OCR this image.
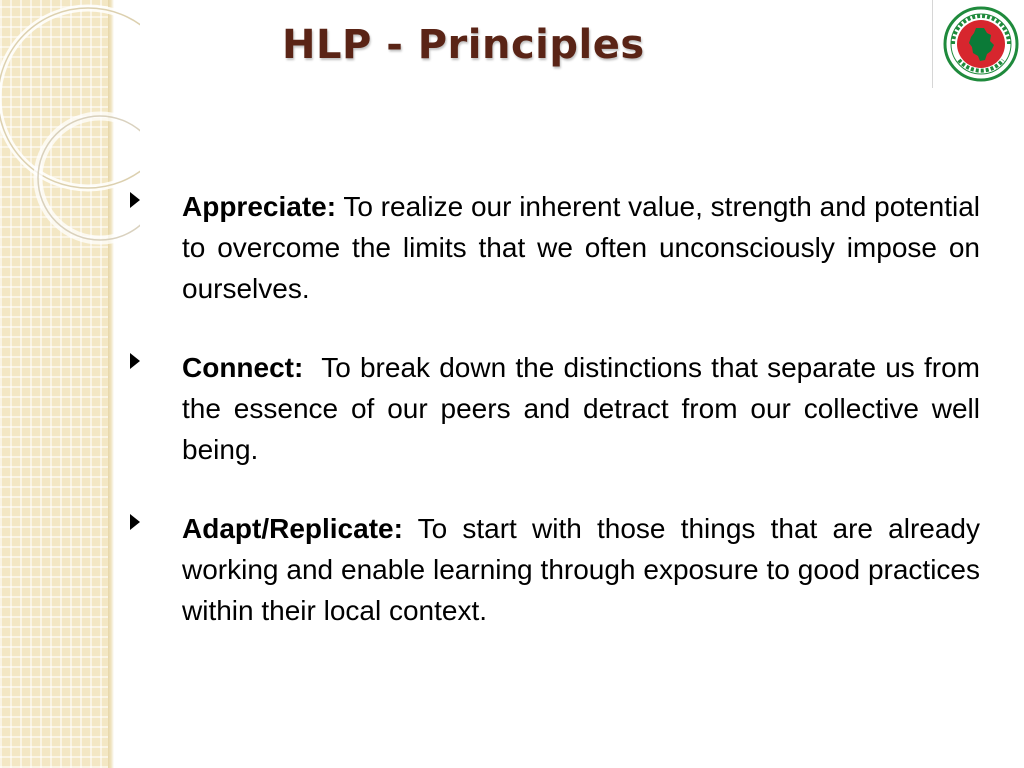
HLP - Principles

Appreciate: To realize our inherent value, strength and potential to overcome the limits that we often unconsciously impose on ourselves.

Connect:  To break down the distinctions that separate us from the essence of our peers and detract from our collective well being.

Adapt/Replicate: To start with those things that are already working and enable learning through exposure to good practices within their local context.
